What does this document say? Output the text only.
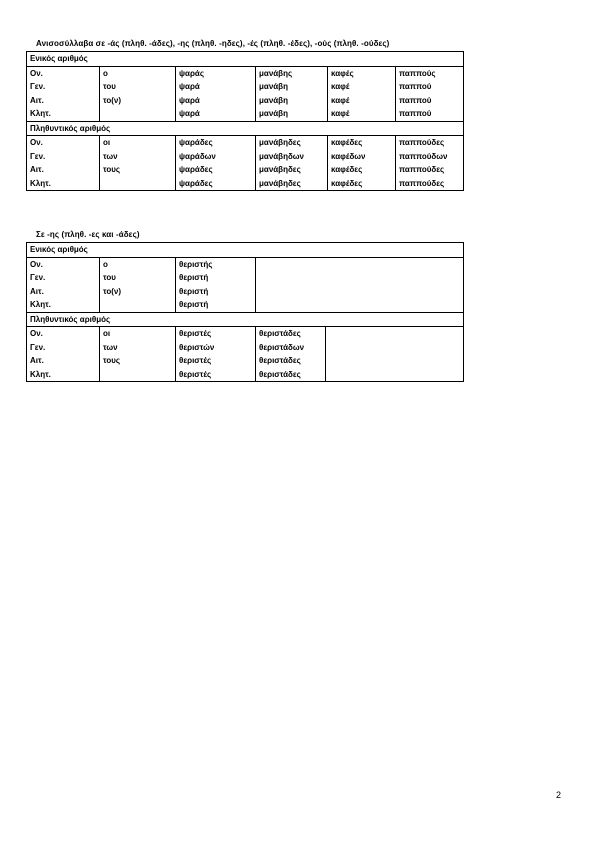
Ανισοσύλλαβα σε -άς (πληθ. -άδες), -ης (πληθ. -ηδες), -ές (πληθ. -έδες), -ούς (πληθ. -ούδες)
Ενικός αριθμός					
Ον.	ο	ψαράς	μανάβης	καφές	παππούς
Γεν.	του	ψαρά	μανάβη	καφέ	παππού
Αιτ.	το(ν)	ψαρά	μανάβη	καφέ	παππού
Κλητ.		ψαρά	μανάβη	καφέ	παππού
Πληθυντικός αριθμός					
Ον.	οι	ψαράδες	μανάβηδες	καφέδες	παππούδες
Γεν.	των	ψαράδων	μανάβηδων	καφέδων	παππούδων
Αιτ.	τους	ψαράδες	μανάβηδες	καφέδες	παππούδες
Κλητ.		ψαράδες	μανάβηδες	καφέδες	παππούδες
Σε -ης (πληθ. -ες και -άδες)
Ενικός αριθμός				
Ον.	ο	θεριστής		
Γεν.	του	θεριστή		
Αιτ.	το(ν)	θεριστή		
Κλητ.		θεριστή		
Πληθυντικός αριθμός				
Ον.	οι	θεριστές	θεριστάδες	
Γεν.	των	θεριστών	θεριστάδων	
Αιτ.	τους	θεριστές	θεριστάδες	
Κλητ.		θεριστές	θεριστάδες	
2
